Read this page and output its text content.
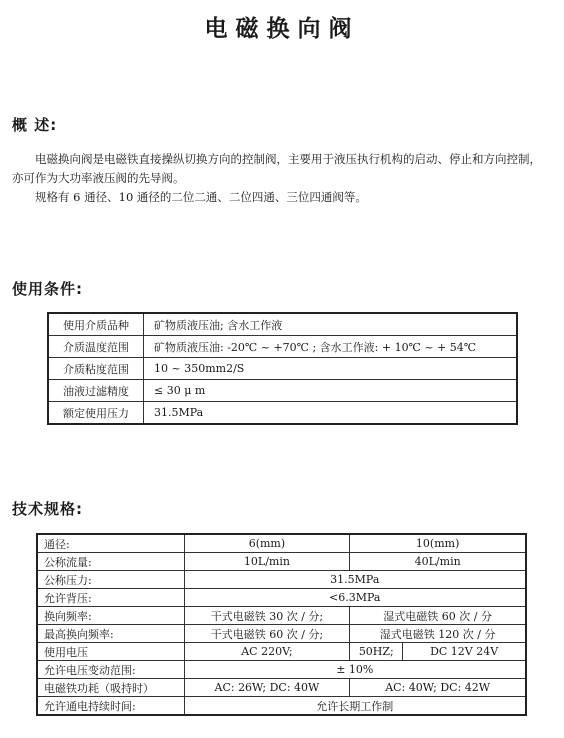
电磁换向阀
概 述:

电磁换向阀是电磁铁直接操纵切换方向的控制阀，主要用于液压执行机构的启动、停止和方向控制，亦可作为大功率液压阀的先导阀。

规格有 6 通径、10 通径的二位二通、二位四通、三位四通阀等。

使用条件:
使用介质品种	矿物质液压油; 含水工作液
介质温度范围	矿物质液压油: -20℃ ~ +70℃ ; 含水工作液: + 10℃ ~ + 54℃
介质粘度范围	10 ~ 350mm2/S
油液过滤精度	≤ 30 μ m
额定使用压力	31.5MPa
技术规格:
通径:	6(mm)	10(mm)	
公称流量:	10L/min	40L/min	
公称压力:	31.5MPa		
允许背压:	<6.3MPa		
换向频率:	干式电磁铁 30 次 / 分;	湿式电磁铁 60 次 / 分	
最高换向频率:	干式电磁铁 60 次 / 分;	湿式电磁铁 120 次 / 分	
使用电压	AC 220V;	50HZ;	DC 12V 24V
允许电压变动范围:	± 10%		
电磁铁功耗（吸持时）	AC: 26W; DC: 40W	AC: 40W; DC: 42W	
允许通电持续时间:	允许长期工作制		
